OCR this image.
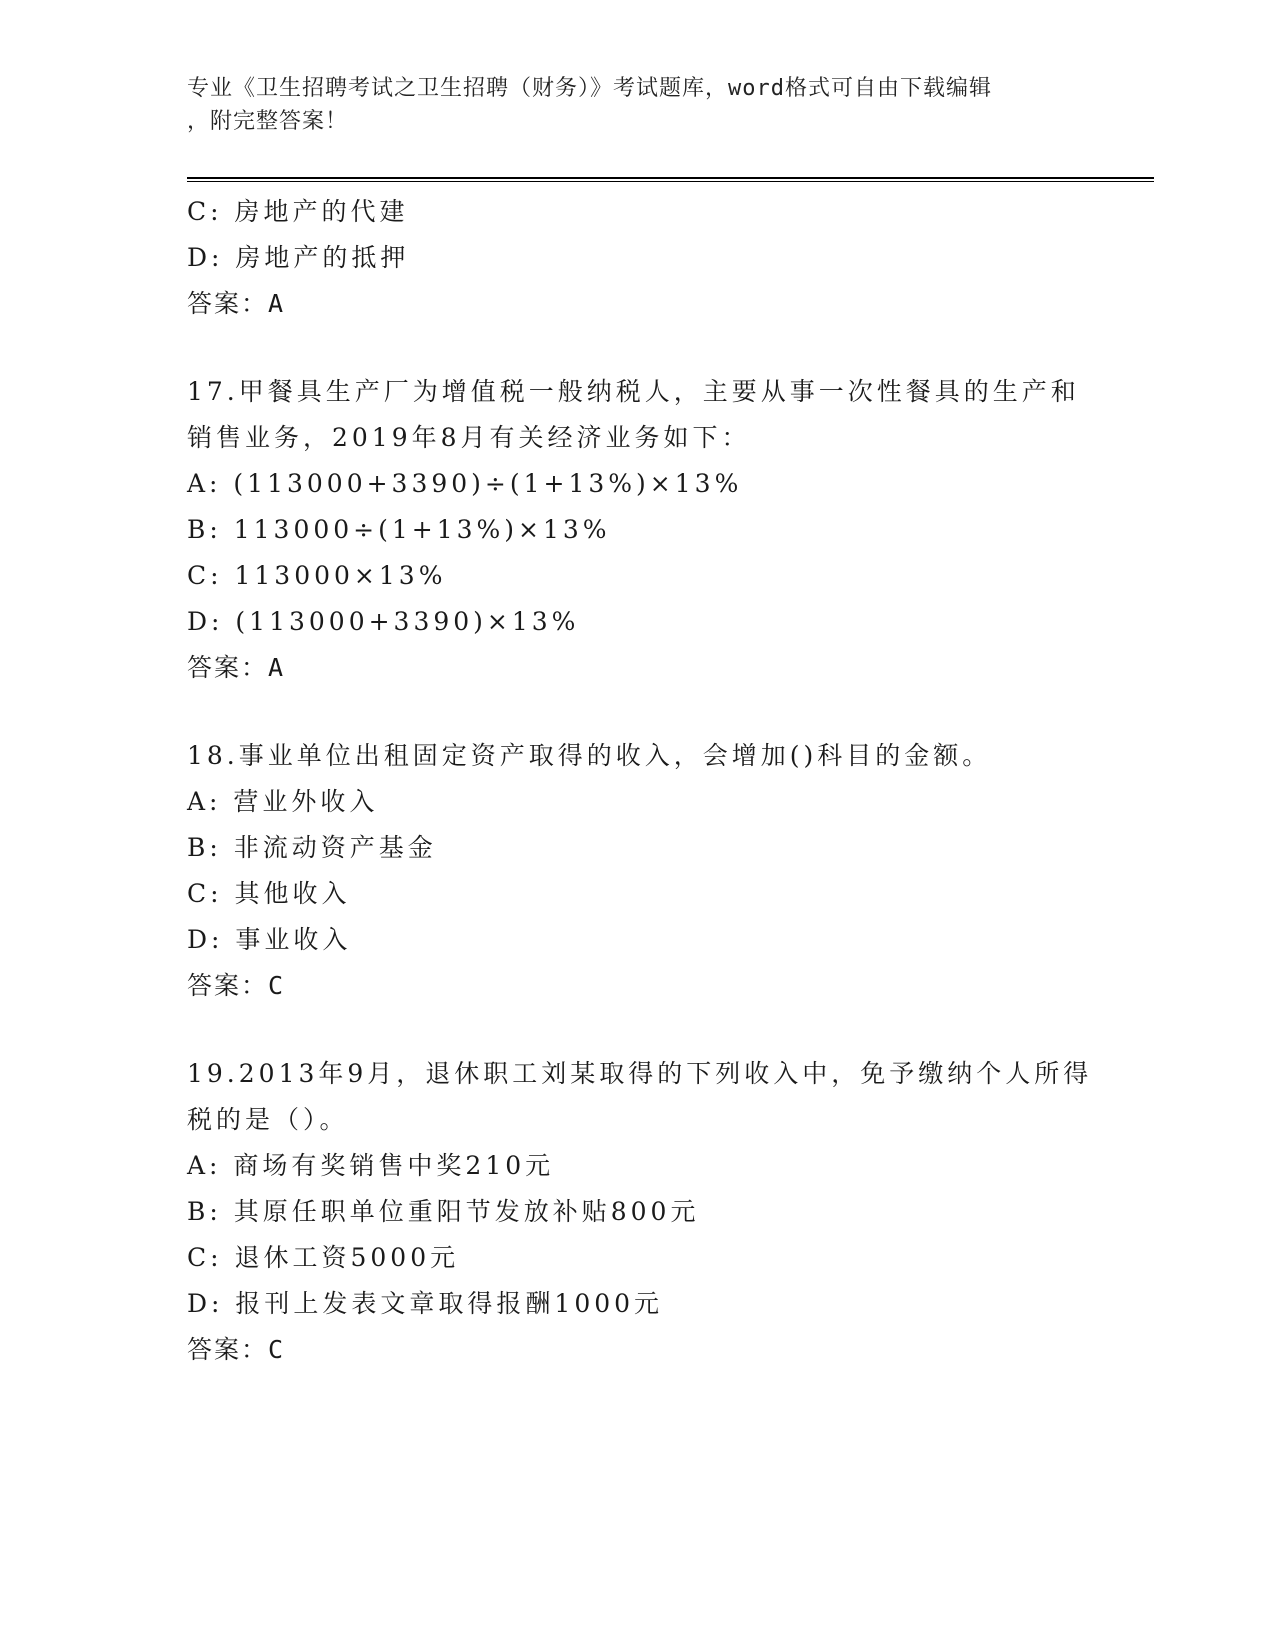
专业《卫生招聘考试之卫生招聘（财务）》考试题库，word格式可自由下载编辑
，附完整答案！
C: 房地产的代建
D: 房地产的抵押
答案：A
17.甲餐具生产厂为增值税一般纳税人，主要从事一次性餐具的生产和
销售业务，2019年8月有关经济业务如下：
A: (113000+3390)÷(1+13%)×13%
B: 113000÷(1+13%)×13%
C: 113000×13%
D: (113000+3390)×13%
答案：A
18.事业单位出租固定资产取得的收入，会增加()科目的金额。
A: 营业外收入
B: 非流动资产基金
C: 其他收入
D: 事业收入
答案：C
19.2013年9月，退休职工刘某取得的下列收入中，免予缴纳个人所得
税的是（）。
A: 商场有奖销售中奖210元
B: 其原任职单位重阳节发放补贴800元
C: 退休工资5000元
D: 报刊上发表文章取得报酬1000元
答案：C
